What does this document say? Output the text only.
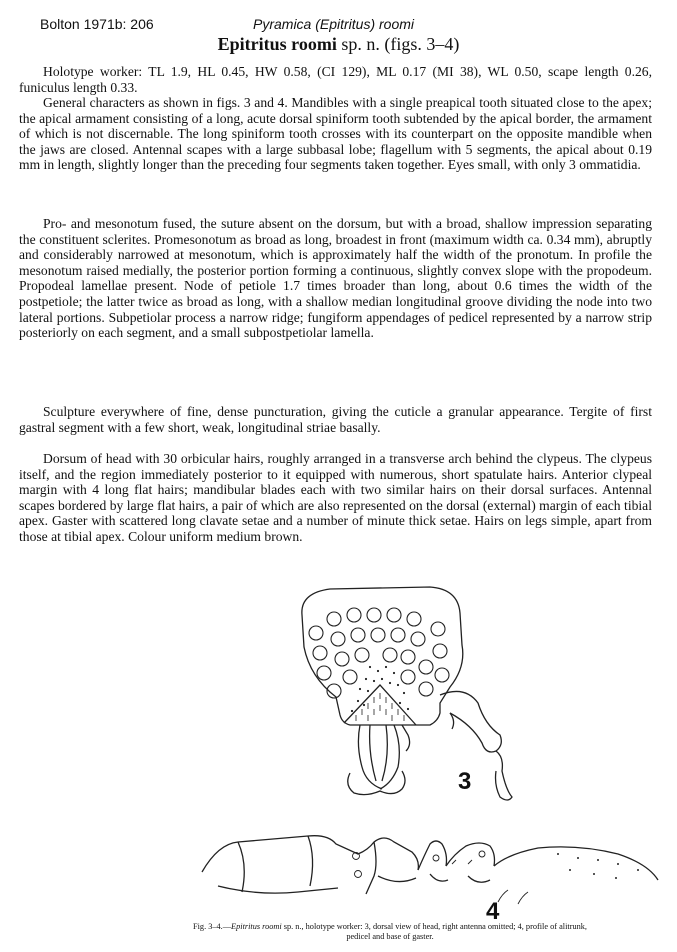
Bolton 1971b: 206	Pyramica (Epitritus) roomi
Epitritus roomi sp. n. (figs. 3–4)

Holotype worker: TL 1.9, HL 0.45, HW 0.58, (CI 129), ML 0.17 (MI 38), WL 0.50, scape length 0.26, funiculus length 0.33.

General characters as shown in figs. 3 and 4. Mandibles with a single preapical tooth situated close to the apex; the apical armament consisting of a long, acute dorsal spiniform tooth subtended by the apical border, the armament of which is not discernable. The long spiniform tooth crosses with its counterpart on the opposite mandible when the jaws are closed. Antennal scapes with a large subbasal lobe; flagellum with 5 segments, the apical about 0.19 mm in length, slightly longer than the preceding four segments taken together. Eyes small, with only 3 ommatidia.

Pro- and mesonotum fused, the suture absent on the dorsum, but with a broad, shallow impression separating the constituent sclerites. Promesonotum as broad as long, broadest in front (maximum width ca. 0.34 mm), abruptly and considerably narrowed at mesonotum, which is approximately half the width of the pronotum. In profile the mesonotum raised medially, the posterior portion forming a continuous, slightly convex slope with the propodeum. Propodeal lamellae present. Node of petiole 1.7 times broader than long, about 0.6 times the width of the postpetiole; the latter twice as broad as long, with a shallow median longitudinal groove dividing the node into two lateral portions. Subpetiolar process a narrow ridge; fungiform appendages of pedicel represented by a narrow strip posteriorly on each segment, and a small subpostpetiolar lamella.

Sculpture everywhere of fine, dense puncturation, giving the cuticle a granular appearance. Tergite of first gastral segment with a few short, weak, longitudinal striae basally.

Dorsum of head with 30 orbicular hairs, roughly arranged in a transverse arch behind the clypeus. The clypeus itself, and the region immediately posterior to it equipped with numerous, short spatulate hairs. Anterior clypeal margin with 4 long flat hairs; mandibular blades each with two similar hairs on their dorsal surfaces. Antennal scapes bordered by large flat hairs, a pair of which are also represented on the dorsal (external) margin of each tibial apex. Gaster with scattered long clavate setae and a number of minute thick setae. Hairs on legs simple, apart from those at tibial apex. Colour uniform medium brown.

3
4
Fig. 3–4.—Epitritus roomi sp. n., holotype worker: 3, dorsal view of head, right antenna omitted; 4, profile of alitrunk, pedicel and base of gaster.
